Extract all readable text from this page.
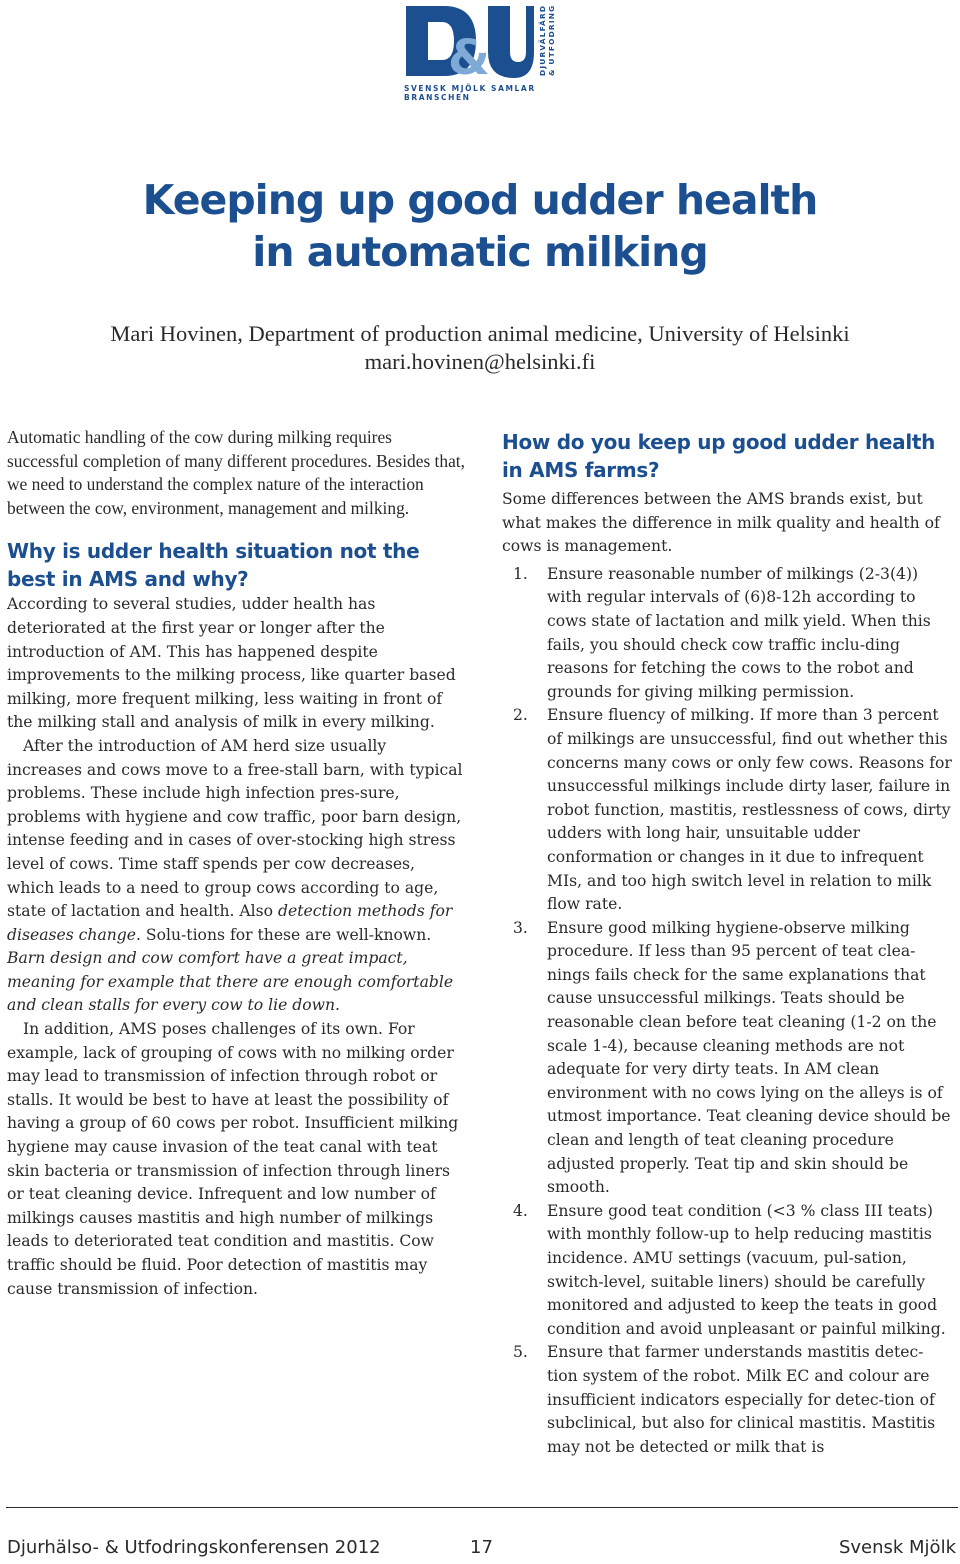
&	DJURVÄLFÄRD & UTFODRING
SVENSK MJÖLK SAMLAR BRANSCHEN
Keeping up good udder health
in automatic milking
Mari Hovinen, Department of production animal medicine, University of Helsinki
mari.hovinen@helsinki.fi

Automatic handling of the cow during milking requires successful completion of many different procedures. Besides that, we need to understand the complex nature of the interaction between the cow, environment, management and milking.

Why is udder health situation not the best in AMS and why?

According to several studies, udder health has deteriorated at the first year or longer after the introduction of AM. This has happened despite improvements to the milking process, like quarter based milking, more frequent milking, less waiting in front of the milking stall and analysis of milk in every milking.

After the introduction of AM herd size usually increases and cows move to a free-stall barn, with typical problems. These include high infection pres-sure, problems with hygiene and cow traffic, poor barn design, intense feeding and in cases of over-stocking high stress level of cows. Time staff spends per cow decreases, which leads to a need to group cows according to age, state of lactation and health. Also detection methods for diseases change. Solu-tions for these are well-known. Barn design and cow comfort have a great impact, meaning for example that there are enough comfortable and clean stalls for every cow to lie down.

In addition, AMS poses challenges of its own. For example, lack of grouping of cows with no milking order may lead to transmission of infection through robot or stalls. It would be best to have at least the possibility of having a group of 60 cows per robot. Insufficient milking hygiene may cause invasion of the teat canal with teat skin bacteria or transmission of infection through liners or teat cleaning device. Infrequent and low number of milkings causes mastitis and high number of milkings leads to deteriorated teat condition and mastitis. Cow traffic should be fluid. Poor detection of mastitis may cause transmission of infection.

How do you keep up good udder health in AMS farms?

Some differences between the AMS brands exist, but what makes the difference in milk quality and health of cows is management.

1. Ensure reasonable number of milkings (2-3(4)) with regular intervals of (6)8-12h according to cows state of lactation and milk yield. When this fails, you should check cow traffic inclu-ding reasons for fetching the cows to the robot and grounds for giving milking permission.
2. Ensure fluency of milking. If more than 3 percent of milkings are unsuccessful, find out whether this concerns many cows or only few cows. Reasons for unsuccessful milkings include dirty laser, failure in robot function, mastitis, restlessness of cows, dirty udders with long hair, unsuitable udder conformation or changes in it due to infrequent MIs, and too high switch level in relation to milk flow rate.
3. Ensure good milking hygiene-observe milking procedure. If less than 95 percent of teat clea-nings fails check for the same explanations that cause unsuccessful milkings. Teats should be reasonable clean before teat cleaning (1-2 on the scale 1-4), because cleaning methods are not adequate for very dirty teats. In AM clean environment with no cows lying on the alleys is of utmost importance. Teat cleaning device should be clean and length of teat cleaning procedure adjusted properly. Teat tip and skin should be smooth.
4. Ensure good teat condition (<3 % class III teats) with monthly follow-up to help reducing mastitis incidence. AMU settings (vacuum, pul-sation, switch-level, suitable liners) should be carefully monitored and adjusted to keep the teats in good condition and avoid unpleasant or painful milking.
5. Ensure that farmer understands mastitis detec-tion system of the robot. Milk EC and colour are insufficient indicators especially for detec-tion of subclinical, but also for clinical mastitis. Mastitis may not be detected or milk that is
Djurhälso- & Utfodringskonferensen 2012	17	Svensk Mjölk
